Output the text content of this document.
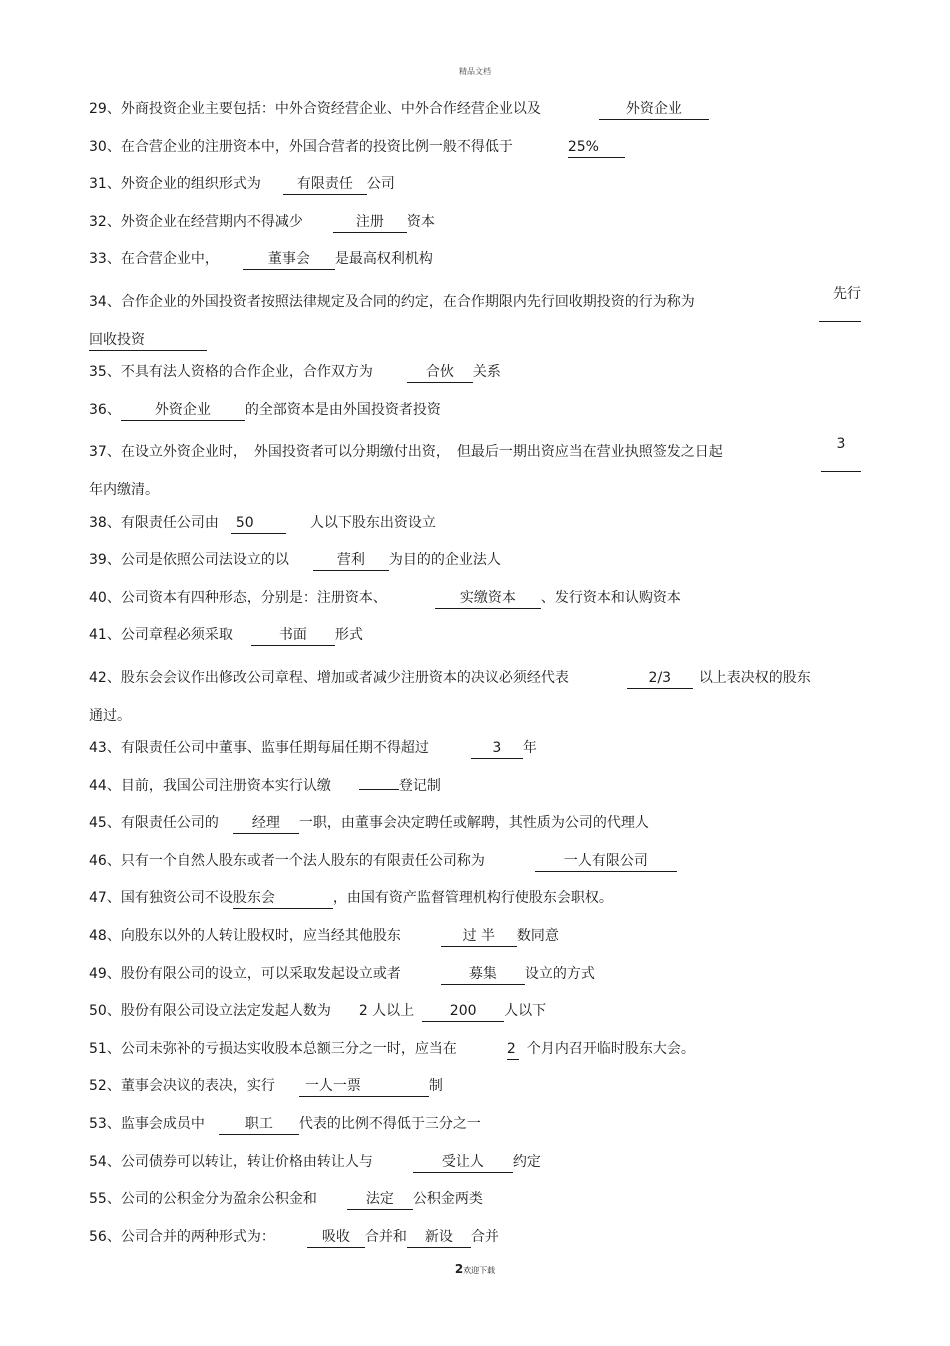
精品文档
29、外商投资企业主要包括：中外合资经营企业、中外合作经营企业以及	外资企业
30、在合营企业的注册资本中，外国合营者的投资比例一般不得低于	25%
31、外资企业的组织形式为	有限责任 公司
32、外资企业在经营期内不得减少	注册 资本
33、在合营企业中，	董事会 是最高权利机构
34、合作企业的外国投资者按照法律规定及合同的约定，在合作期限内先行回收期投资的行为称为	先行
回收投资
35、不具有法人资格的合作企业，合作双方为	合伙 关系
36、 外资企业 的全部资本是由外国投资者投资
37、在设立外资企业时，　外国投资者可以分期缴付出资，　但最后一期出资应当在营业执照签发之日起	3
年内缴清。
38、有限责任公司由 50	人以下股东出资设立
39、公司是依照公司法设立的以	营利 为目的的企业法人
40、公司资本有四种形态，分别是：注册资本、	实缴资本 、发行资本和认购资本
41、公司章程必须采取	书面 形式
42、股东会会议作出修改公司章程、增加或者减少注册资本的决议必须经代表	2/3 以上表决权的股东
通过。
43、有限责任公司中董事、监事任期每届任期不得超过	3 年
44、目前，我国公司注册资本实行认缴	登记制
45、有限责任公司的 经理 一职，由董事会决定聘任或解聘，其性质为公司的代理人
46、只有一个自然人股东或者一个法人股东的有限责任公司称为	一人有限公司
47、国有独资公司不设股东会	，由国有资产监督管理机构行使股东会职权。
48、向股东以外的人转让股权时，应当经其他股东	过 半 数同意
49、股份有限公司的设立，可以采取发起设立或者	募集 设立的方式
50、股份有限公司设立法定发起人数为　　2 人以上	200 人以下
51、公司未弥补的亏损达实收股本总额三分之一时，应当在	2 个月内召开临时股东大会。
52、董事会决议的表决，实行 一人一票	制
53、监事会成员中	职工 代表的比例不得低于三分之一
54、公司债券可以转让，转让价格由转让人与	受让人 约定
55、公司的公积金分为盈余公积金和	法定 公积金两类
56、公司合并的两种形式为：	吸收 合并和 新设 合并
2欢迎下载
